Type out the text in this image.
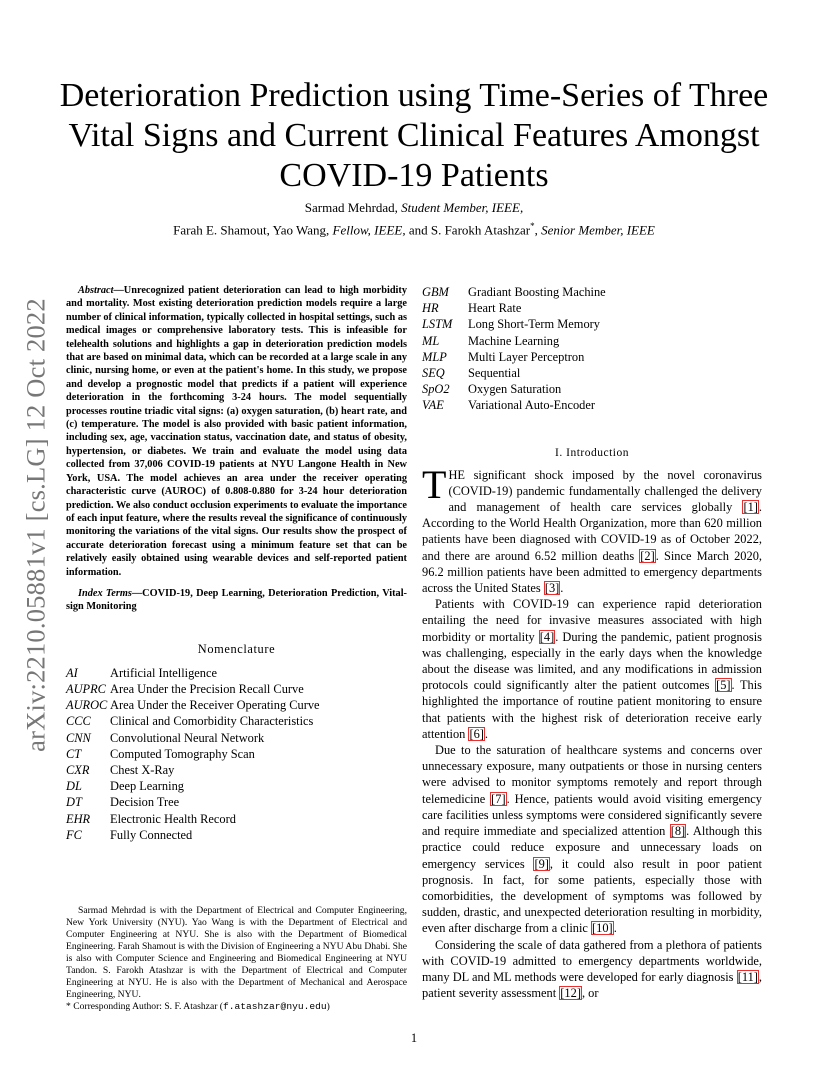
arXiv:2210.05881v1 [cs.LG] 12 Oct 2022
Deterioration Prediction using Time-Series of Three Vital Signs and Current Clinical Features Amongst COVID-19 Patients
Sarmad Mehrdad, Student Member, IEEE,
Farah E. Shamout, Yao Wang, Fellow, IEEE, and S. Farokh Atashzar*, Senior Member, IEEE

Abstract—Unrecognized patient deterioration can lead to high morbidity and mortality. Most existing deterioration prediction models require a large number of clinical information, typically collected in hospital settings, such as medical images or comprehensive laboratory tests. This is infeasible for telehealth solutions and highlights a gap in deterioration prediction models that are based on minimal data, which can be recorded at a large scale in any clinic, nursing home, or even at the patient's home. In this study, we propose and develop a prognostic model that predicts if a patient will experience deterioration in the forthcoming 3-24 hours. The model sequentially processes routine triadic vital signs: (a) oxygen saturation, (b) heart rate, and (c) temperature. The model is also provided with basic patient information, including sex, age, vaccination status, vaccination date, and status of obesity, hypertension, or diabetes. We train and evaluate the model using data collected from 37,006 COVID-19 patients at NYU Langone Health in New York, USA. The model achieves an area under the receiver operating characteristic curve (AUROC) of 0.808-0.880 for 3-24 hour deterioration prediction. We also conduct occlusion experiments to evaluate the importance of each input feature, where the results reveal the significance of continuously monitoring the variations of the vital signs. Our results show the prospect of accurate deterioration forecast using a minimum feature set that can be relatively easily obtained using wearable devices and self-reported patient information.

Index Terms—COVID-19, Deep Learning, Deterioration Prediction, Vital-sign Monitoring

Nomenclature
AI	Artificial Intelligence
AUPRC Area Under the Precision Recall Curve
AUROC Area Under the Receiver Operating Curve
CCC	Clinical and Comorbidity Characteristics
CNN	Convolutional Neural Network
CT	Computed Tomography Scan
CXR	Chest X-Ray
DL	Deep Learning
DT	Decision Tree
EHR	Electronic Health Record
FC	Fully Connected
Sarmad Mehrdad is with the Department of Electrical and Computer Engineering, New York University (NYU). Yao Wang is with the Department of Electrical and Computer Engineering at NYU. She is also with the Department of Biomedical Engineering. Farah Shamout is with the Division of Engineering a NYU Abu Dhabi. She is also with Computer Science and Engineering and Biomedical Engineering at NYU Tandon. S. Farokh Atashzar is with the Department of Electrical and Computer Engineering at NYU. He is also with the Department of Mechanical and Aerospace Engineering, NYU.
* Corresponding Author: S. F. Atashzar (f.atashzar@nyu.edu)
GBM	Gradiant Boosting Machine
HR	Heart Rate
LSTM	Long Short-Term Memory
ML	Machine Learning
MLP	Multi Layer Perceptron
SEQ	Sequential
SpO2	Oxygen Saturation
VAE	Variational Auto-Encoder
I. Introduction

THE significant shock imposed by the novel coronavirus (COVID-19) pandemic fundamentally challenged the delivery and management of health care services globally [1]. According to the World Health Organization, more than 620 million patients have been diagnosed with COVID-19 as of October 2022, and there are around 6.52 million deaths [2]. Since March 2020, 96.2 million patients have been admitted to emergency departments across the United States [3].

Patients with COVID-19 can experience rapid deterioration entailing the need for invasive measures associated with high morbidity or mortality [4]. During the pandemic, patient prognosis was challenging, especially in the early days when the knowledge about the disease was limited, and any modifications in admission protocols could significantly alter the patient outcomes [5]. This highlighted the importance of routine patient monitoring to ensure that patients with the highest risk of deterioration receive early attention [6].

Due to the saturation of healthcare systems and concerns over unnecessary exposure, many outpatients or those in nursing centers were advised to monitor symptoms remotely and report through telemedicine [7]. Hence, patients would avoid visiting emergency care facilities unless symptoms were considered significantly severe and require immediate and specialized attention [8]. Although this practice could reduce exposure and unnecessary loads on emergency services [9], it could also result in poor patient prognosis. In fact, for some patients, especially those with comorbidities, the development of symptoms was followed by sudden, drastic, and unexpected deterioration resulting in morbidity, even after discharge from a clinic [10].

Considering the scale of data gathered from a plethora of patients with COVID-19 admitted to emergency departments worldwide, many DL and ML methods were developed for early diagnosis [11], patient severity assessment [12], or

1
